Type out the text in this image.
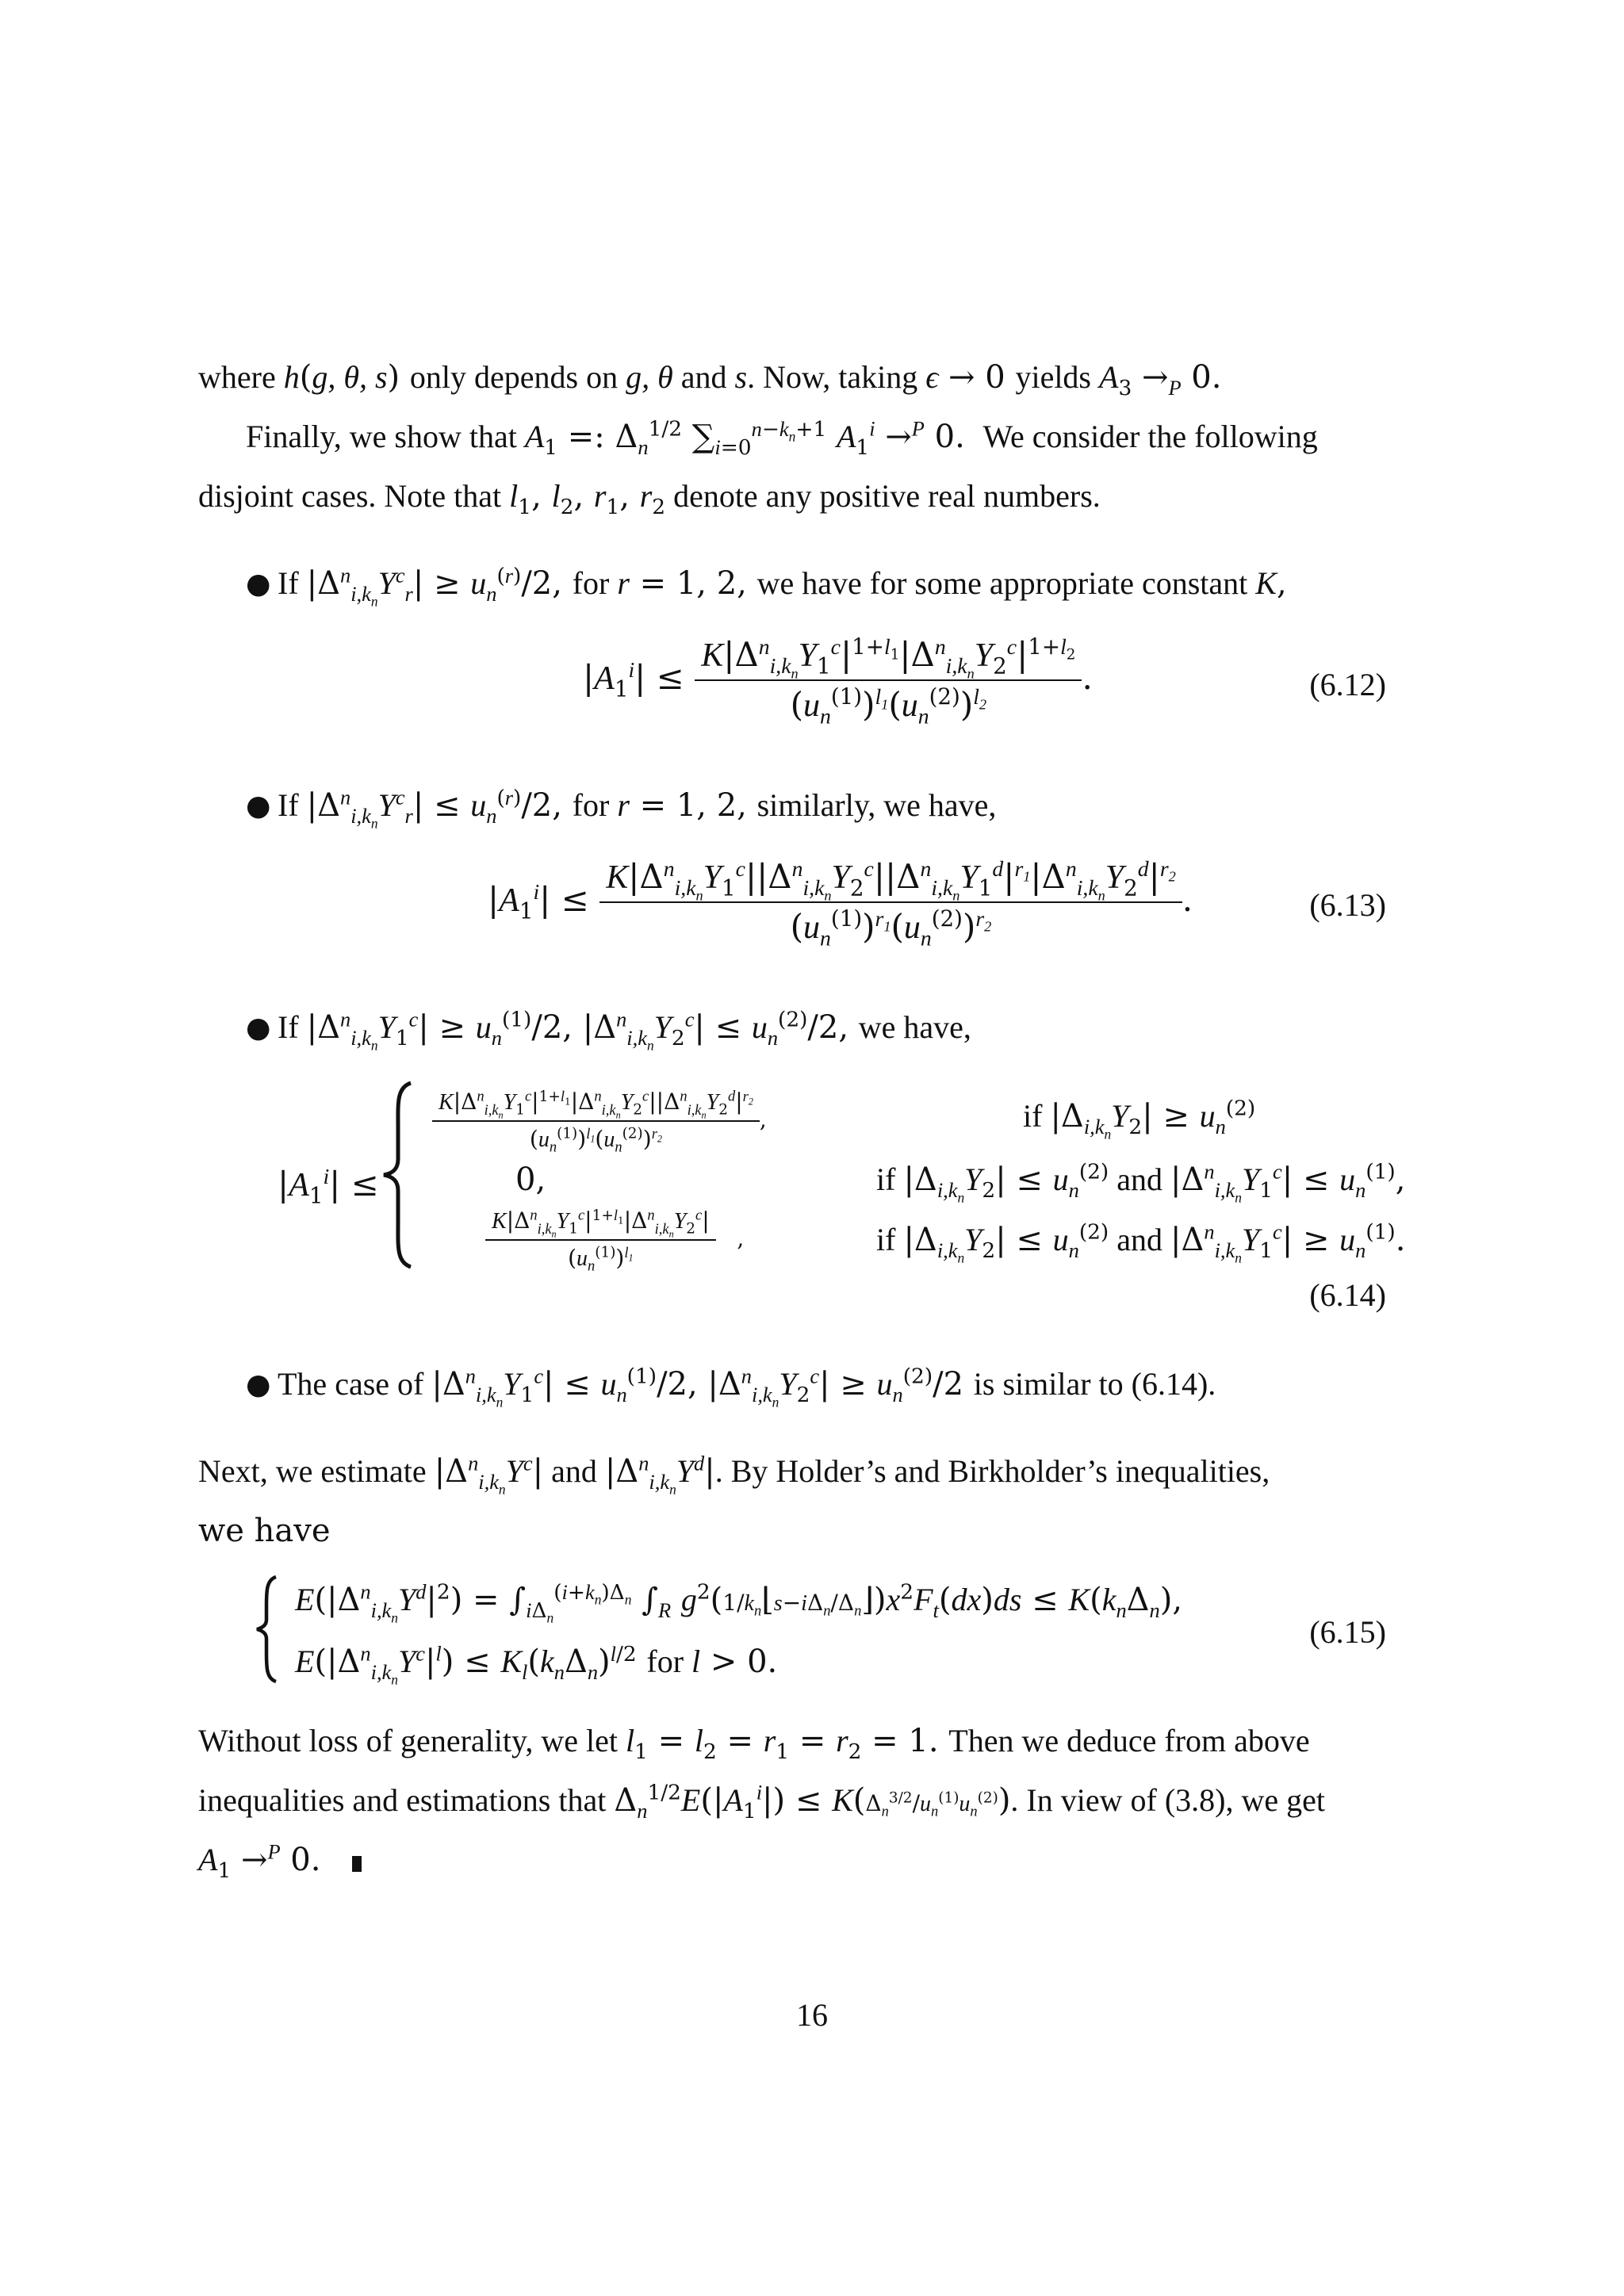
where h(g, θ, s) only depends on g, θ and s. Now, taking ϵ → 0 yields $A_3 \to_P$ 0.
Finally, we show that $A_1$ =: $\Delta_n^{1/2}$ $\sum_{i=0}^{n-k_n+1}$ $A_1^i \to^P$ 0.  We consider the following
disjoint cases. Note that $l_1$, $l_2$, $r_1$, $r_2$ denote any positive real numbers.
● If $|\Delta^n_{i,k_n}Y^c_r| \ge u_n^{(r)}/2$, for r = 1, 2, we have for some appropriate constant K,
$|A_1^i| \le \frac{K|\Delta^n_{i,k_n}Y_1^c|^{1+l_1}|\Delta^n_{i,k_n}Y_2^c|^{1+l_2}}{(u_n^{(1)})^{l_1}(u_n^{(2)})^{l_2}}$ .	(6.12)
● If $|\Delta^n_{i,k_n}Y^c_r| \le u_n^{(r)}/2$, for r = 1, 2, similarly, we have,
$|A_1^i| \le \frac{K|\Delta^n_{i,k_n}Y_1^c||\Delta^n_{i,k_n}Y_2^c||\Delta^n_{i,k_n}Y_1^d|^{r_1}|\Delta^n_{i,k_n}Y_2^d|^{r_2}}{(u_n^{(1)})^{r_1}(u_n^{(2)})^{r_2}}$ .	(6.13)
● If $|\Delta^n_{i,k_n}Y_1^c| \ge u_n^{(1)}/2$, $|\Delta^n_{i,k_n}Y_2^c| \le u_n^{(2)}/2$, we have,
$|A_1^i|$ ≤
$\frac{K|\Delta^n_{i,k_n}Y_1^c|^{1+l_1}|\Delta^n_{i,k_n}Y_2^c||\Delta^n_{i,k_n}Y_2^d|^{r_2}}{(u_n^{(1)})^{l_1}(u_n^{(2)})^{r_2}}$ ,	if $|\Delta_{i,k_n}Y_2| \ge u_n^{(2)}$
0,	if $|\Delta_{i,k_n}Y_2| \le u_n^{(2)}$ and $|\Delta^n_{i,k_n}Y_1^c| \le u_n^{(1)}$,
$\frac{K|\Delta^n_{i,k_n}Y_1^c|^{1+l_1}|\Delta^n_{i,k_n}Y_2^c|}{(u_n^{(1)})^{l_1}}$ ,	if $|\Delta_{i,k_n}Y_2| \le u_n^{(2)}$ and $|\Delta^n_{i,k_n}Y_1^c| \ge u_n^{(1)}$.
(6.14)
● The case of $|\Delta^n_{i,k_n}Y_1^c| \le u_n^{(1)}/2$, $|\Delta^n_{i,k_n}Y_2^c| \ge u_n^{(2)}/2$ is similar to (6.14).
Next, we estimate $|\Delta^n_{i,k_n}Y^c|$ and $|\Delta^n_{i,k_n}Y^d|$. By Holder’s and Birkholder’s inequalities,
we have
$E(|\Delta^n_{i,k_n}Y^d|^2) = \int_{i\Delta_n}^{(i+k_n)\Delta_n}$ $\int_R$ $g^2(1/k_n⌊s-i\Delta_n/\Delta_n⌋)x^2F_t(dx)ds \le K(k_n\Delta_n)$,
$E(|\Delta^n_{i,k_n}Y^c|^l) \le K_l(k_n\Delta_n)^{l/2}$ for l > 0.
(6.15)
Without loss of generality, we let $l_1 = l_2 = r_1 = r_2 = 1$. Then we deduce from above
inequalities and estimations that $\Delta_n^{1/2}E(|A_1^i|) \le K(\Delta_n^{3/2}/u_n^{(1)}u_n^{(2)})$. In view of (3.8), we get
$A_1 \to^P$ 0.
16
